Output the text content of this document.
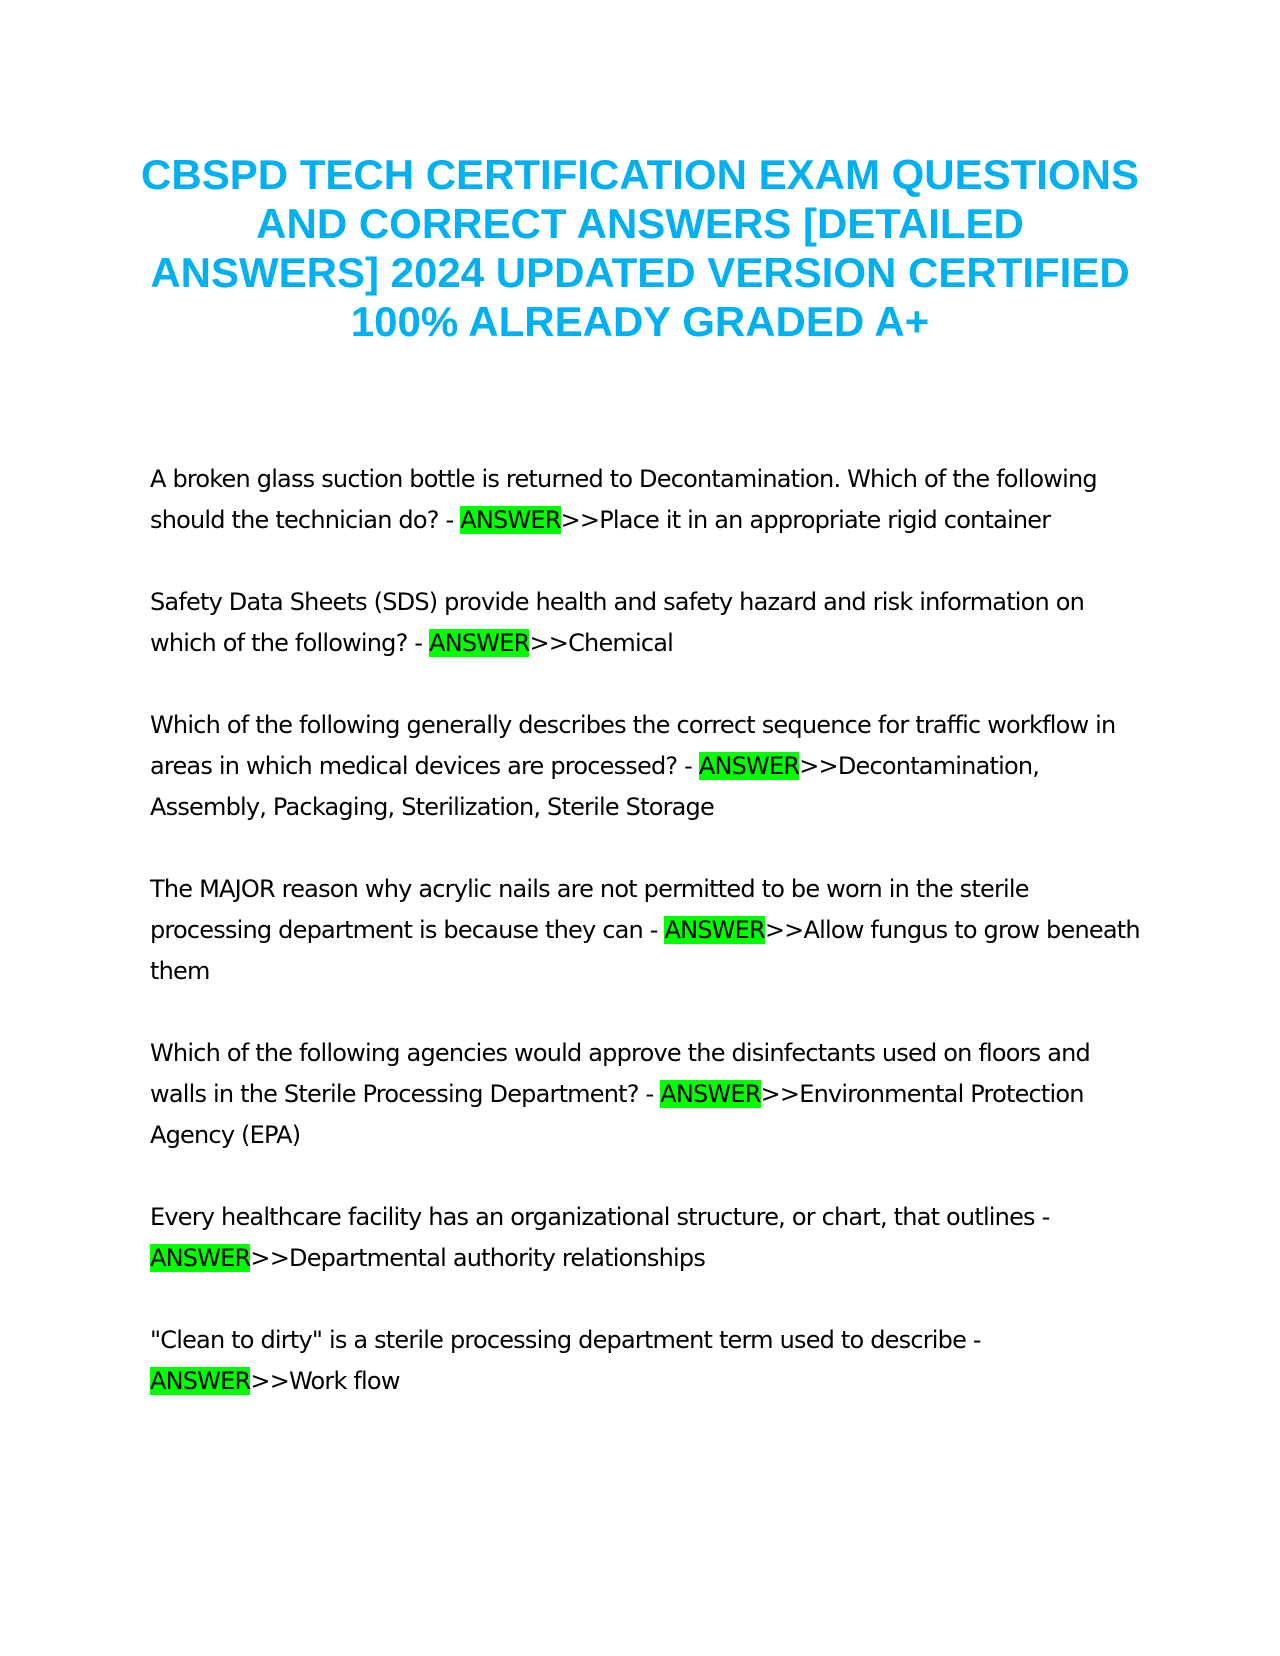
CBSPD TECH CERTIFICATION EXAM QUESTIONS AND CORRECT ANSWERS [DETAILED ANSWERS] 2024 UPDATED VERSION CERTIFIED 100% ALREADY GRADED A+

A broken glass suction bottle is returned to Decontamination. Which of the following should the technician do? - ANSWER>>Place it in an appropriate rigid container

Safety Data Sheets (SDS) provide health and safety hazard and risk information on which of the following? - ANSWER>>Chemical

Which of the following generally describes the correct sequence for traffic workflow in areas in which medical devices are processed? - ANSWER>>Decontamination, Assembly, Packaging, Sterilization, Sterile Storage

The MAJOR reason why acrylic nails are not permitted to be worn in the sterile processing department is because they can - ANSWER>>Allow fungus to grow beneath them

Which of the following agencies would approve the disinfectants used on floors and walls in the Sterile Processing Department? - ANSWER>>Environmental Protection Agency (EPA)

Every healthcare facility has an organizational structure, or chart, that outlines - ANSWER>>Departmental authority relationships

"Clean to dirty" is a sterile processing department term used to describe - ANSWER>>Work flow
